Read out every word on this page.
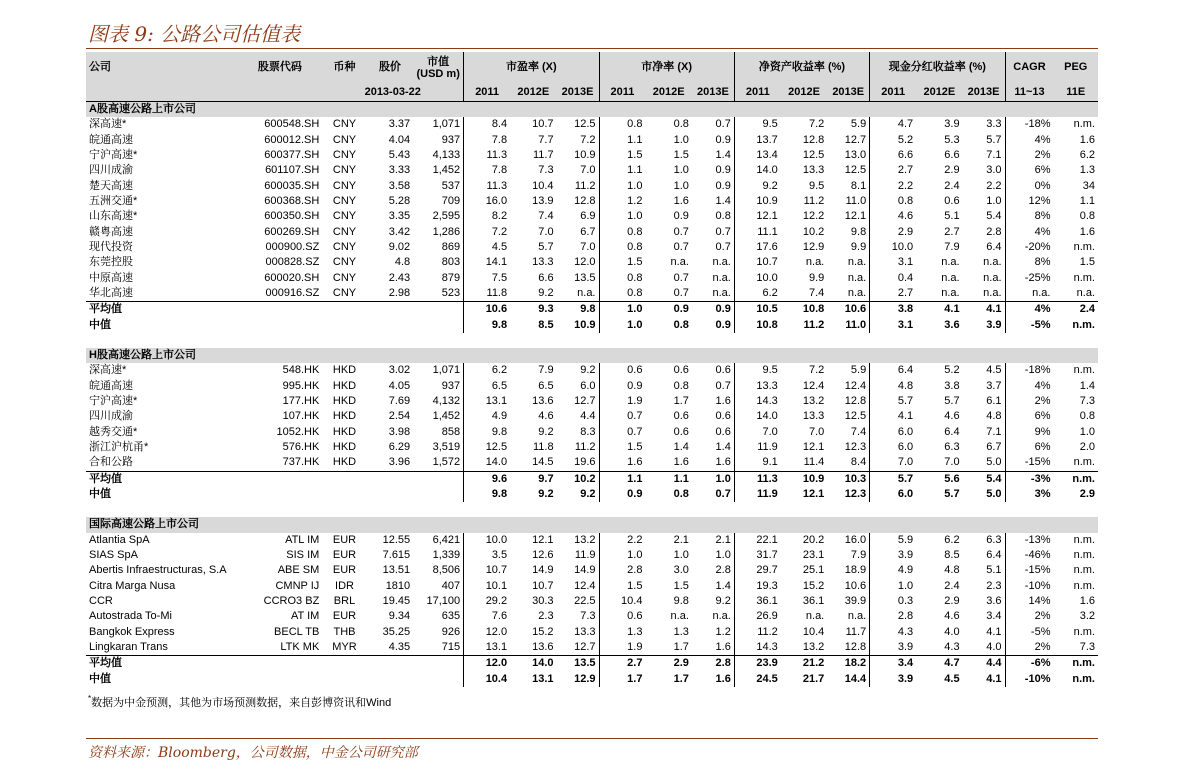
图表 9: 公路公司估值表
公司	股票代码	币种	股价	市值 (USD m)	市盈率 (X)			市净率 (X)			净资产收益率 (%)			现金分红收益率 (%)			CAGR	PEG
		2013-03-22			2011	2012E	2013E	2011	2012E	2013E	2011	2012E	2013E	2011	2012E	2013E	11~13	11E
A股高速公路上市公司																		
深高速*	600548.SH	CNY	3.37	1,071	8.4	10.7	12.5	0.8	0.8	0.7	9.5	7.2	5.9	4.7	3.9	3.3	-18%	n.m.
皖通高速	600012.SH	CNY	4.04	937	7.8	7.7	7.2	1.1	1.0	0.9	13.7	12.8	12.7	5.2	5.3	5.7	4%	1.6
宁沪高速*	600377.SH	CNY	5.43	4,133	11.3	11.7	10.9	1.5	1.5	1.4	13.4	12.5	13.0	6.6	6.6	7.1	2%	6.2
四川成渝	601107.SH	CNY	3.33	1,452	7.8	7.3	7.0	1.1	1.0	0.9	14.0	13.3	12.5	2.7	2.9	3.0	6%	1.3
楚天高速	600035.SH	CNY	3.58	537	11.3	10.4	11.2	1.0	1.0	0.9	9.2	9.5	8.1	2.2	2.4	2.2	0%	34
五洲交通*	600368.SH	CNY	5.28	709	16.0	13.9	12.8	1.2	1.6	1.4	10.9	11.2	11.0	0.8	0.6	1.0	12%	1.1
山东高速*	600350.SH	CNY	3.35	2,595	8.2	7.4	6.9	1.0	0.9	0.8	12.1	12.2	12.1	4.6	5.1	5.4	8%	0.8
赣粤高速	600269.SH	CNY	3.42	1,286	7.2	7.0	6.7	0.8	0.7	0.7	11.1	10.2	9.8	2.9	2.7	2.8	4%	1.6
现代投资	000900.SZ	CNY	9.02	869	4.5	5.7	7.0	0.8	0.7	0.7	17.6	12.9	9.9	10.0	7.9	6.4	-20%	n.m.
东莞控股	000828.SZ	CNY	4.8	803	14.1	13.3	12.0	1.5	n.a.	n.a.	10.7	n.a.	n.a.	3.1	n.a.	n.a.	8%	1.5
中原高速	600020.SH	CNY	2.43	879	7.5	6.6	13.5	0.8	0.7	n.a.	10.0	9.9	n.a.	0.4	n.a.	n.a.	-25%	n.m.
华北高速	000916.SZ	CNY	2.98	523	11.8	9.2	n.a.	0.8	0.7	n.a.	6.2	7.4	n.a.	2.7	n.a.	n.a.	n.a.	n.a.
平均值					10.6	9.3	9.8	1.0	0.9	0.9	10.5	10.8	10.6	3.8	4.1	4.1	4%	2.4
中值					9.8	8.5	10.9	1.0	0.8	0.9	10.8	11.2	11.0	3.1	3.6	3.9	-5%	n.m.

H股高速公路上市公司																		
深高速*	548.HK	HKD	3.02	1,071	6.2	7.9	9.2	0.6	0.6	0.6	9.5	7.2	5.9	6.4	5.2	4.5	-18%	n.m.
皖通高速	995.HK	HKD	4.05	937	6.5	6.5	6.0	0.9	0.8	0.7	13.3	12.4	12.4	4.8	3.8	3.7	4%	1.4
宁沪高速*	177.HK	HKD	7.69	4,132	13.1	13.6	12.7	1.9	1.7	1.6	14.3	13.2	12.8	5.7	5.7	6.1	2%	7.3
四川成渝	107.HK	HKD	2.54	1,452	4.9	4.6	4.4	0.7	0.6	0.6	14.0	13.3	12.5	4.1	4.6	4.8	6%	0.8
越秀交通*	1052.HK	HKD	3.98	858	9.8	9.2	8.3	0.7	0.6	0.6	7.0	7.0	7.4	6.0	6.4	7.1	9%	1.0
浙江沪杭甬*	576.HK	HKD	6.29	3,519	12.5	11.8	11.2	1.5	1.4	1.4	11.9	12.1	12.3	6.0	6.3	6.7	6%	2.0
合和公路	737.HK	HKD	3.96	1,572	14.0	14.5	19.6	1.6	1.6	1.6	9.1	11.4	8.4	7.0	7.0	5.0	-15%	n.m.
平均值					9.6	9.7	10.2	1.1	1.1	1.0	11.3	10.9	10.3	5.7	5.6	5.4	-3%	n.m.
中值					9.8	9.2	9.2	0.9	0.8	0.7	11.9	12.1	12.3	6.0	5.7	5.0	3%	2.9

国际高速公路上市公司																		
Atlantia SpA	ATL IM	EUR	12.55	6,421	10.0	12.1	13.2	2.2	2.1	2.1	22.1	20.2	16.0	5.9	6.2	6.3	-13%	n.m.
SIAS SpA	SIS IM	EUR	7.615	1,339	3.5	12.6	11.9	1.0	1.0	1.0	31.7	23.1	7.9	3.9	8.5	6.4	-46%	n.m.
Abertis Infraestructuras, S.A	ABE SM	EUR	13.51	8,506	10.7	14.9	14.9	2.8	3.0	2.8	29.7	25.1	18.9	4.9	4.8	5.1	-15%	n.m.
Citra Marga Nusa	CMNP IJ	IDR	1810	407	10.1	10.7	12.4	1.5	1.5	1.4	19.3	15.2	10.6	1.0	2.4	2.3	-10%	n.m.
CCR	CCRO3 BZ	BRL	19.45	17,100	29.2	30.3	22.5	10.4	9.8	9.2	36.1	36.1	39.9	0.3	2.9	3.6	14%	1.6
Autostrada To-Mi	AT IM	EUR	9.34	635	7.6	2.3	7.3	0.6	n.a.	n.a.	26.9	n.a.	n.a.	2.8	4.6	3.4	2%	3.2
Bangkok Express	BECL TB	THB	35.25	926	12.0	15.2	13.3	1.3	1.3	1.2	11.2	10.4	11.7	4.3	4.0	4.1	-5%	n.m.
Lingkaran Trans	LTK MK	MYR	4.35	715	13.1	13.6	12.7	1.9	1.7	1.6	14.3	13.2	12.8	3.9	4.3	4.0	2%	7.3
平均值					12.0	14.0	13.5	2.7	2.9	2.8	23.9	21.2	18.2	3.4	4.7	4.4	-6%	n.m.
中值					10.4	13.1	12.9	1.7	1.7	1.6	24.5	21.7	14.4	3.9	4.5	4.1	-10%	n.m.
*数据为中金预测，其他为市场预测数据，来自彭博资讯和Wind
资料来源：Bloomberg，公司数据，中金公司研究部
